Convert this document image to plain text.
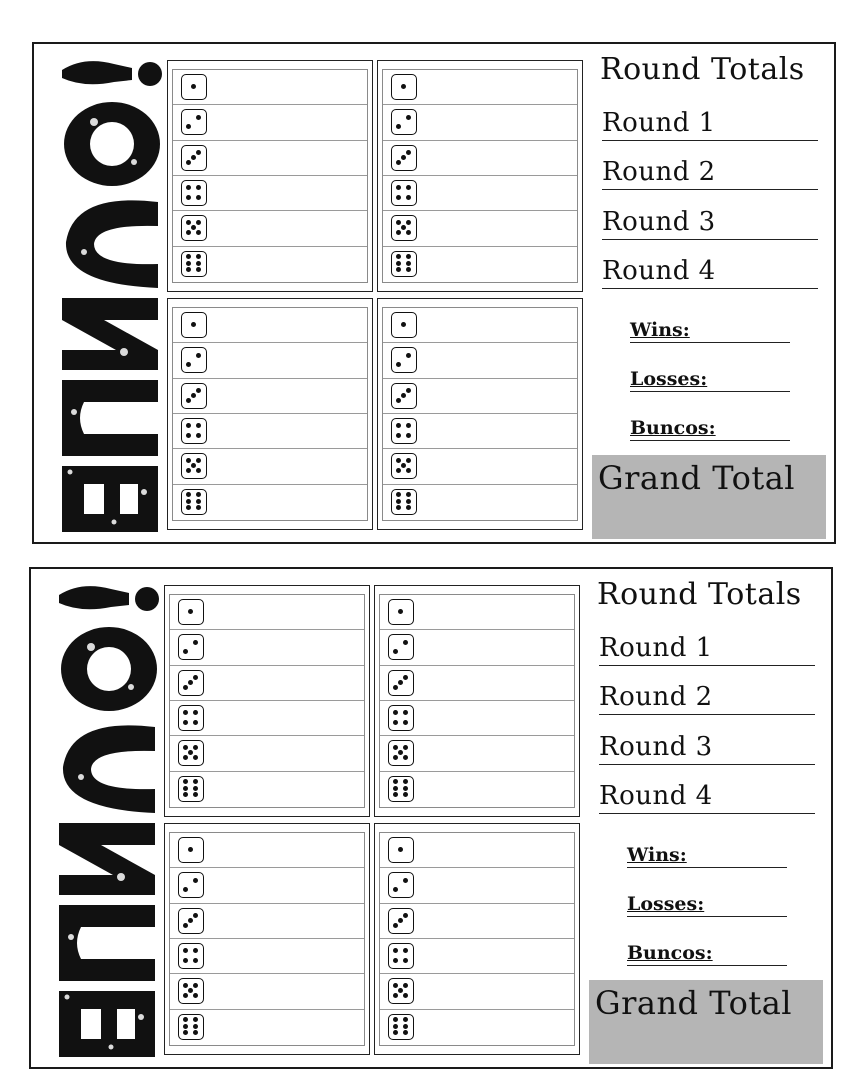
Round Totals
Round 1
Round 2
Round 3
Round 4
Wins:
Losses:
Buncos:
Grand Total
Round Totals
Round 1
Round 2
Round 3
Round 4
Wins:
Losses:
Buncos:
Grand Total
